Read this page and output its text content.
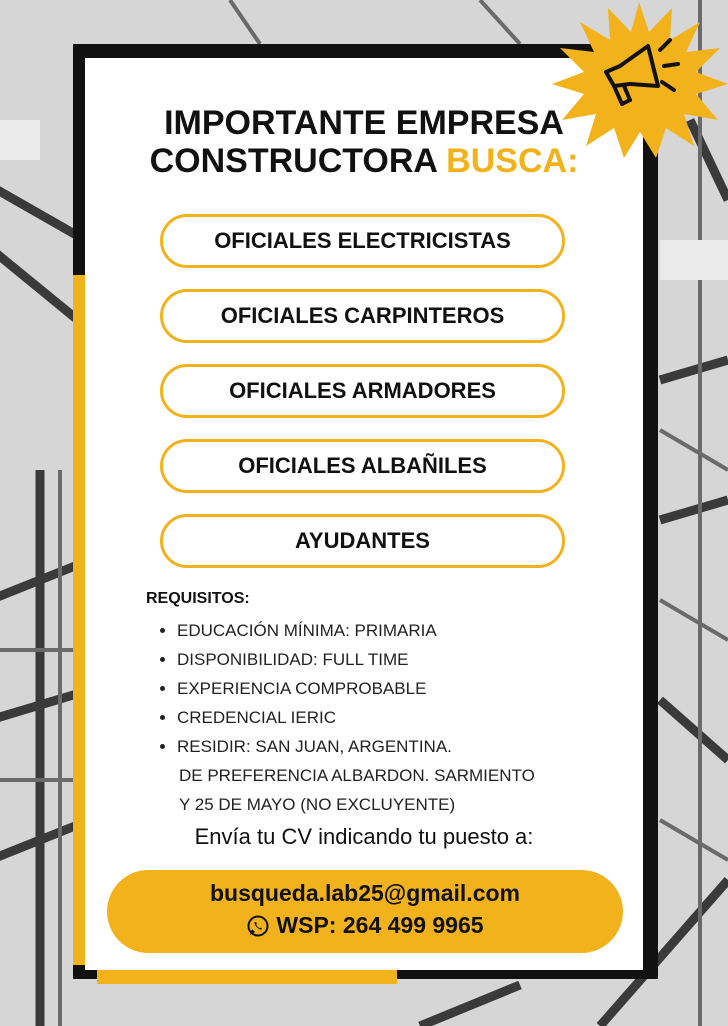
IMPORTANTE EMPRESA
CONSTRUCTORA BUSCA:
OFICIALES ELECTRICISTAS
OFICIALES CARPINTEROS
OFICIALES ARMADORES
OFICIALES ALBAÑILES
AYUDANTES
REQUISITOS:
EDUCACIÓN MÍNIMA: PRIMARIA
DISPONIBILIDAD: FULL TIME
EXPERIENCIA COMPROBABLE
CREDENCIAL IERIC
RESIDIR: SAN JUAN, ARGENTINA.
DE PREFERENCIA ALBARDON. SARMIENTO
Y 25 DE MAYO (NO EXCLUYENTE)
Envía tu CV indicando tu puesto a:
busqueda.lab25@gmail.com
WSP: 264 499 9965
